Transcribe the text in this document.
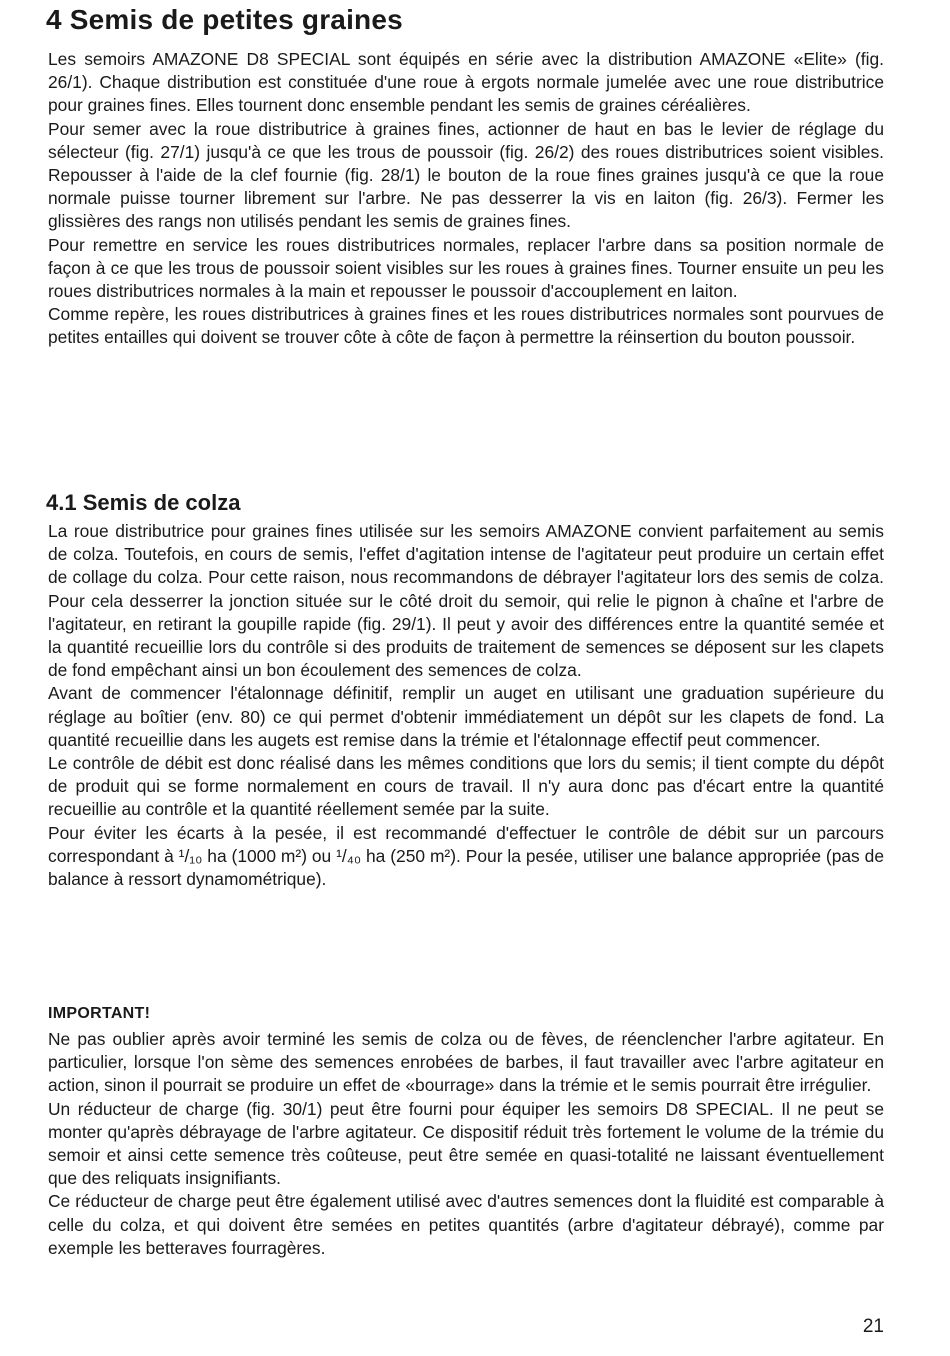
4 Semis de petites graines

Les semoirs AMAZONE D8 SPECIAL sont équipés en série avec la distribution AMAZONE «Elite» (fig. 26/1). Chaque distribution est constituée d'une roue à ergots normale jumelée avec une roue distributrice pour graines fines. Elles tournent donc ensemble pendant les semis de graines céréalières.

Pour semer avec la roue distributrice à graines fines, actionner de haut en bas le levier de réglage du sélecteur (fig. 27/1) jusqu'à ce que les trous de poussoir (fig. 26/2) des roues distributrices soient visibles. Repousser à l'aide de la clef fournie (fig. 28/1) le bouton de la roue fines graines jusqu'à ce que la roue normale puisse tourner librement sur l'arbre. Ne pas desserrer la vis en laiton (fig. 26/3). Fermer les glissières des rangs non utilisés pendant les semis de graines fines.

Pour remettre en service les roues distributrices normales, replacer l'arbre dans sa position normale de façon à ce que les trous de poussoir soient visibles sur les roues à graines fines. Tourner ensuite un peu les roues distributrices normales à la main et repousser le poussoir d'accouplement en laiton.

Comme repère, les roues distributrices à graines fines et les roues distributrices normales sont pourvues de petites entailles qui doivent se trouver côte à côte de façon à permettre la réinsertion du bouton poussoir.

4.1 Semis de colza

La roue distributrice pour graines fines utilisée sur les semoirs AMAZONE convient parfaitement au semis de colza. Toutefois, en cours de semis, l'effet d'agitation intense de l'agitateur peut produire un certain effet de collage du colza. Pour cette raison, nous recommandons de débrayer l'agitateur lors des semis de colza. Pour cela desserrer la jonction située sur le côté droit du semoir, qui relie le pignon à chaîne et l'arbre de l'agitateur, en retirant la goupille rapide (fig. 29/1). Il peut y avoir des différences entre la quantité semée et la quantité recueillie lors du contrôle si des produits de traitement de semences se déposent sur les clapets de fond empêchant ainsi un bon écoulement des semences de colza.

Avant de commencer l'étalonnage définitif, remplir un auget en utilisant une graduation supérieure du réglage au boîtier (env. 80) ce qui permet d'obtenir immédiatement un dépôt sur les clapets de fond. La quantité recueillie dans les augets est remise dans la trémie et l'étalonnage effectif peut commencer.

Le contrôle de débit est donc réalisé dans les mêmes conditions que lors du semis; il tient compte du dépôt de produit qui se forme normalement en cours de travail. Il n'y aura donc pas d'écart entre la quantité recueillie au contrôle et la quantité réellement semée par la suite.

Pour éviter les écarts à la pesée, il est recommandé d'effectuer le contrôle de débit sur un parcours correspondant à ¹/₁₀ ha (1000 m²) ou ¹/₄₀ ha (250 m²). Pour la pesée, utiliser une balance appropriée (pas de balance à ressort dynamométrique).

IMPORTANT!

Ne pas oublier après avoir terminé les semis de colza ou de fèves, de réenclencher l'arbre agitateur. En particulier, lorsque l'on sème des semences enrobées de barbes, il faut travailler avec l'arbre agitateur en action, sinon il pourrait se produire un effet de «bourrage» dans la trémie et le semis pourrait être irrégulier.

Un réducteur de charge (fig. 30/1) peut être fourni pour équiper les semoirs D8 SPECIAL. Il ne peut se monter qu'après débrayage de l'arbre agitateur. Ce dispositif réduit très fortement le volume de la trémie du semoir et ainsi cette semence très coûteuse, peut être semée en quasi-totalité ne laissant éventuellement que des reliquats insignifiants.

Ce réducteur de charge peut être également utilisé avec d'autres semences dont la fluidité est comparable à celle du colza, et qui doivent être semées en petites quantités (arbre d'agitateur débrayé), comme par exemple les betteraves fourragères.

21
